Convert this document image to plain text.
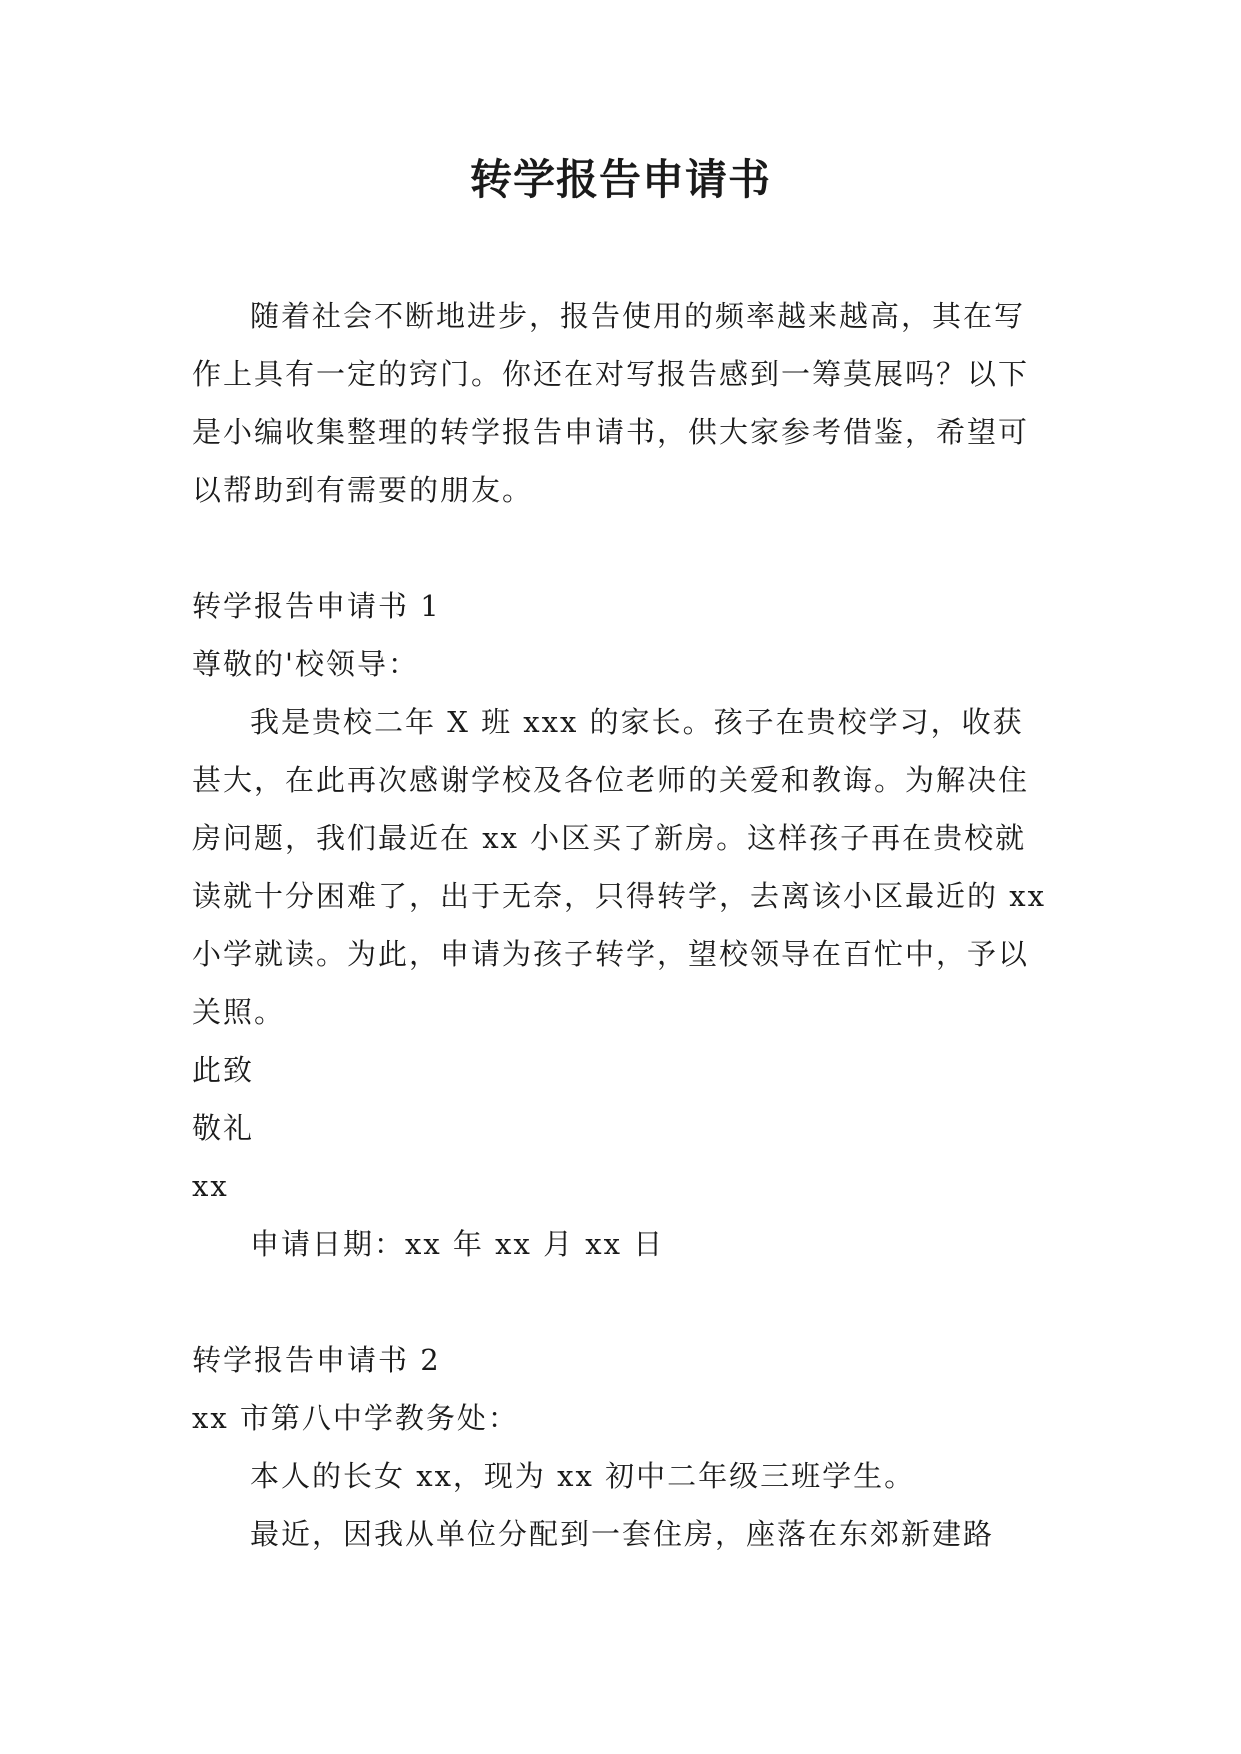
转学报告申请书

随着社会不断地进步，报告使用的频率越来越高，其在写作上具有一定的窍门。你还在对写报告感到一筹莫展吗？以下是小编收集整理的转学报告申请书，供大家参考借鉴，希望可以帮助到有需要的朋友。

转学报告申请书 1

尊敬的'校领导：

我是贵校二年 X 班 xxx 的家长。孩子在贵校学习，收获甚大，在此再次感谢学校及各位老师的关爱和教诲。为解决住房问题，我们最近在 xx 小区买了新房。这样孩子再在贵校就读就十分困难了，出于无奈，只得转学，去离该小区最近的 xx 小学就读。为此，申请为孩子转学，望校领导在百忙中，予以关照。

此致

敬礼

xx

申请日期：xx 年 xx 月 xx 日

转学报告申请书 2

xx 市第八中学教务处：

本人的长女 xx，现为 xx 初中二年级三班学生。

最近，因我从单位分配到一套住房，座落在东郊新建路
